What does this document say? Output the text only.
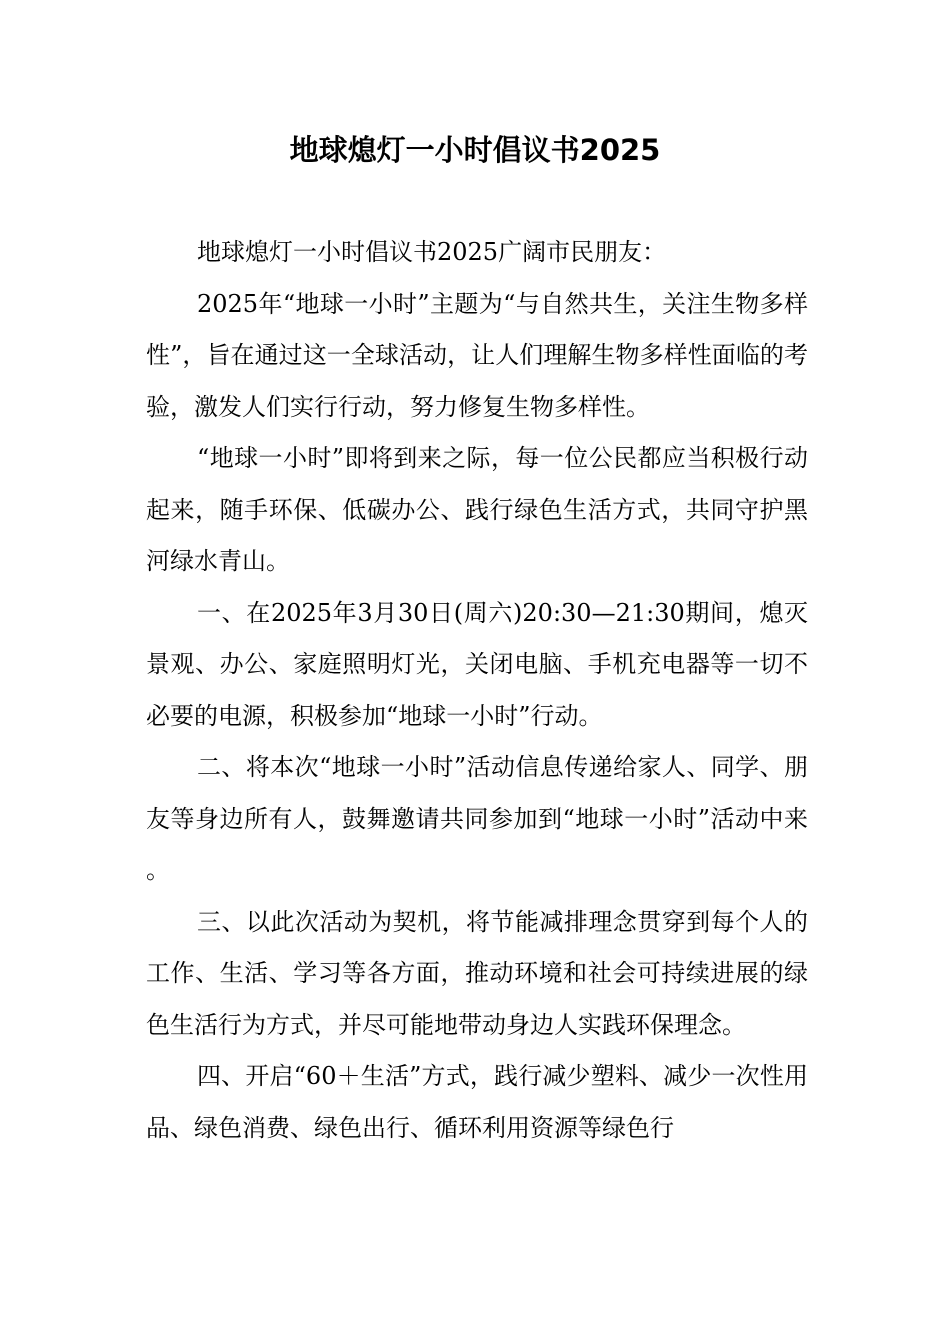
地球熄灯一小时倡议书2025

地球熄灯一小时倡议书2025广阔市民朋友：

2025年“地球一小时”主题为“与自然共生，关注生物多样性”，旨在通过这一全球活动，让人们理解生物多样性面临的考验，激发人们实行行动，努力修复生物多样性。

“地球一小时”即将到来之际，每一位公民都应当积极行动起来，随手环保、低碳办公、践行绿色生活方式，共同守护黑河绿水青山。

一、在2025年3月30日(周六)20:30—21:30期间，熄灭景观、办公、家庭照明灯光，关闭电脑、手机充电器等一切不必要的电源，积极参加“地球一小时”行动。

二、将本次“地球一小时”活动信息传递给家人、同学、朋友等身边所有人，鼓舞邀请共同参加到“地球一小时”活动中来。

三、以此次活动为契机，将节能减排理念贯穿到每个人的工作、生活、学习等各方面，推动环境和社会可持续进展的绿色生活行为方式，并尽可能地带动身边人实践环保理念。

四、开启“60＋生活”方式，践行减少塑料、减少一次性用品、绿色消费、绿色出行、循环利用资源等绿色行
